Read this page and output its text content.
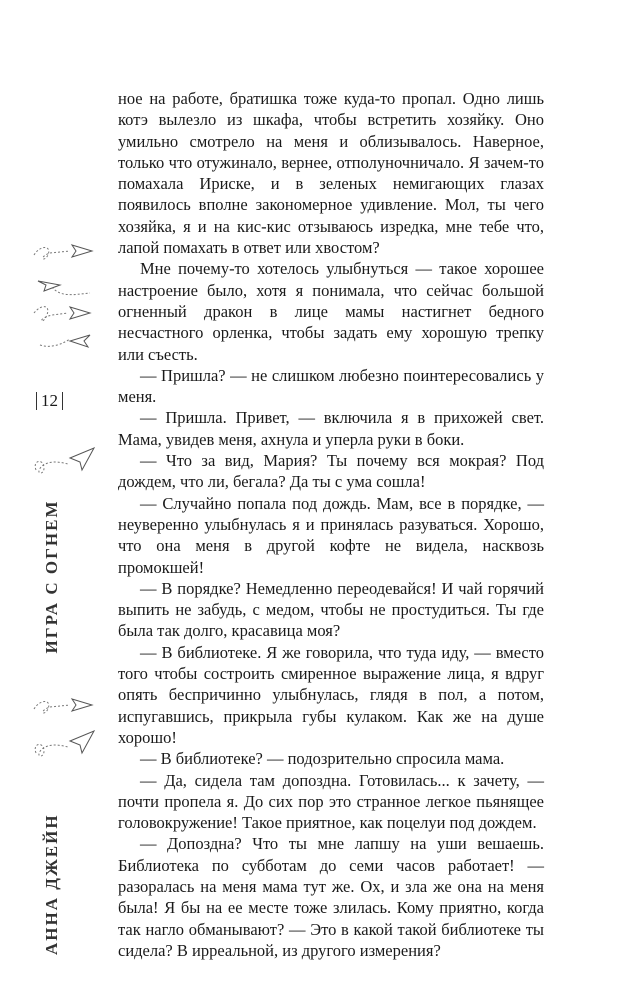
ное на работе, братишка тоже куда-то пропал. Одно лишь котэ вылезло из шкафа, чтобы встретить хозяйку. Оно умильно смотрело на меня и облизывалось. Наверное, только что отужинало, вернее, отполуночничало. Я зачем-то помахала Ириске, и в зеленых немигающих глазах появилось вполне закономерное удивление. Мол, ты чего хозяйка, я и на кис-кис отзываюсь изредка, мне тебе что, лапой помахать в ответ или хвостом?

Мне почему-то хотелось улыбнуться — такое хорошее настроение было, хотя я понимала, что сейчас большой огненный дракон в лице мамы настигнет бедного несчастного орленка, чтобы задать ему хорошую трепку или съесть.

— Пришла? — не слишком любезно поинтересовались у меня.

— Пришла. Привет, — включила я в прихожей свет. Мама, увидев меня, ахнула и уперла руки в боки.

— Что за вид, Мария? Ты почему вся мокрая? Под дождем, что ли, бегала? Да ты с ума сошла!

— Случайно попала под дождь. Мам, все в порядке, — неуверенно улыбнулась я и принялась разуваться. Хорошо, что она меня в другой кофте не видела, насквозь промокшей!

— В порядке? Немедленно переодевайся! И чай горячий выпить не забудь, с медом, чтобы не простудиться. Ты где была так долго, красавица моя?

— В библиотеке. Я же говорила, что туда иду, — вместо того чтобы состроить смиренное выражение лица, я вдруг опять беспричинно улыбнулась, глядя в пол, а потом, испугавшись, прикрыла губы кулаком. Как же на душе хорошо!

— В библиотеке? — подозрительно спросила мама.

— Да, сидела там допоздна. Готовилась... к зачету, — почти пропела я. До сих пор это странное легкое пьянящее головокружение! Такое приятное, как поцелуи под дождем.

— Допоздна? Что ты мне лапшу на уши вешаешь. Библиотека по субботам до семи часов работает! — разоралась на меня мама тут же. Ох, и зла же она на меня была! Я бы на ее месте тоже злилась. Кому приятно, когда так нагло обманывают? — Это в какой такой библиотеке ты сидела? В ирреальной, из другого измерения?

12
АННА ДЖЕЙНИГРА С ОГНЕМ
